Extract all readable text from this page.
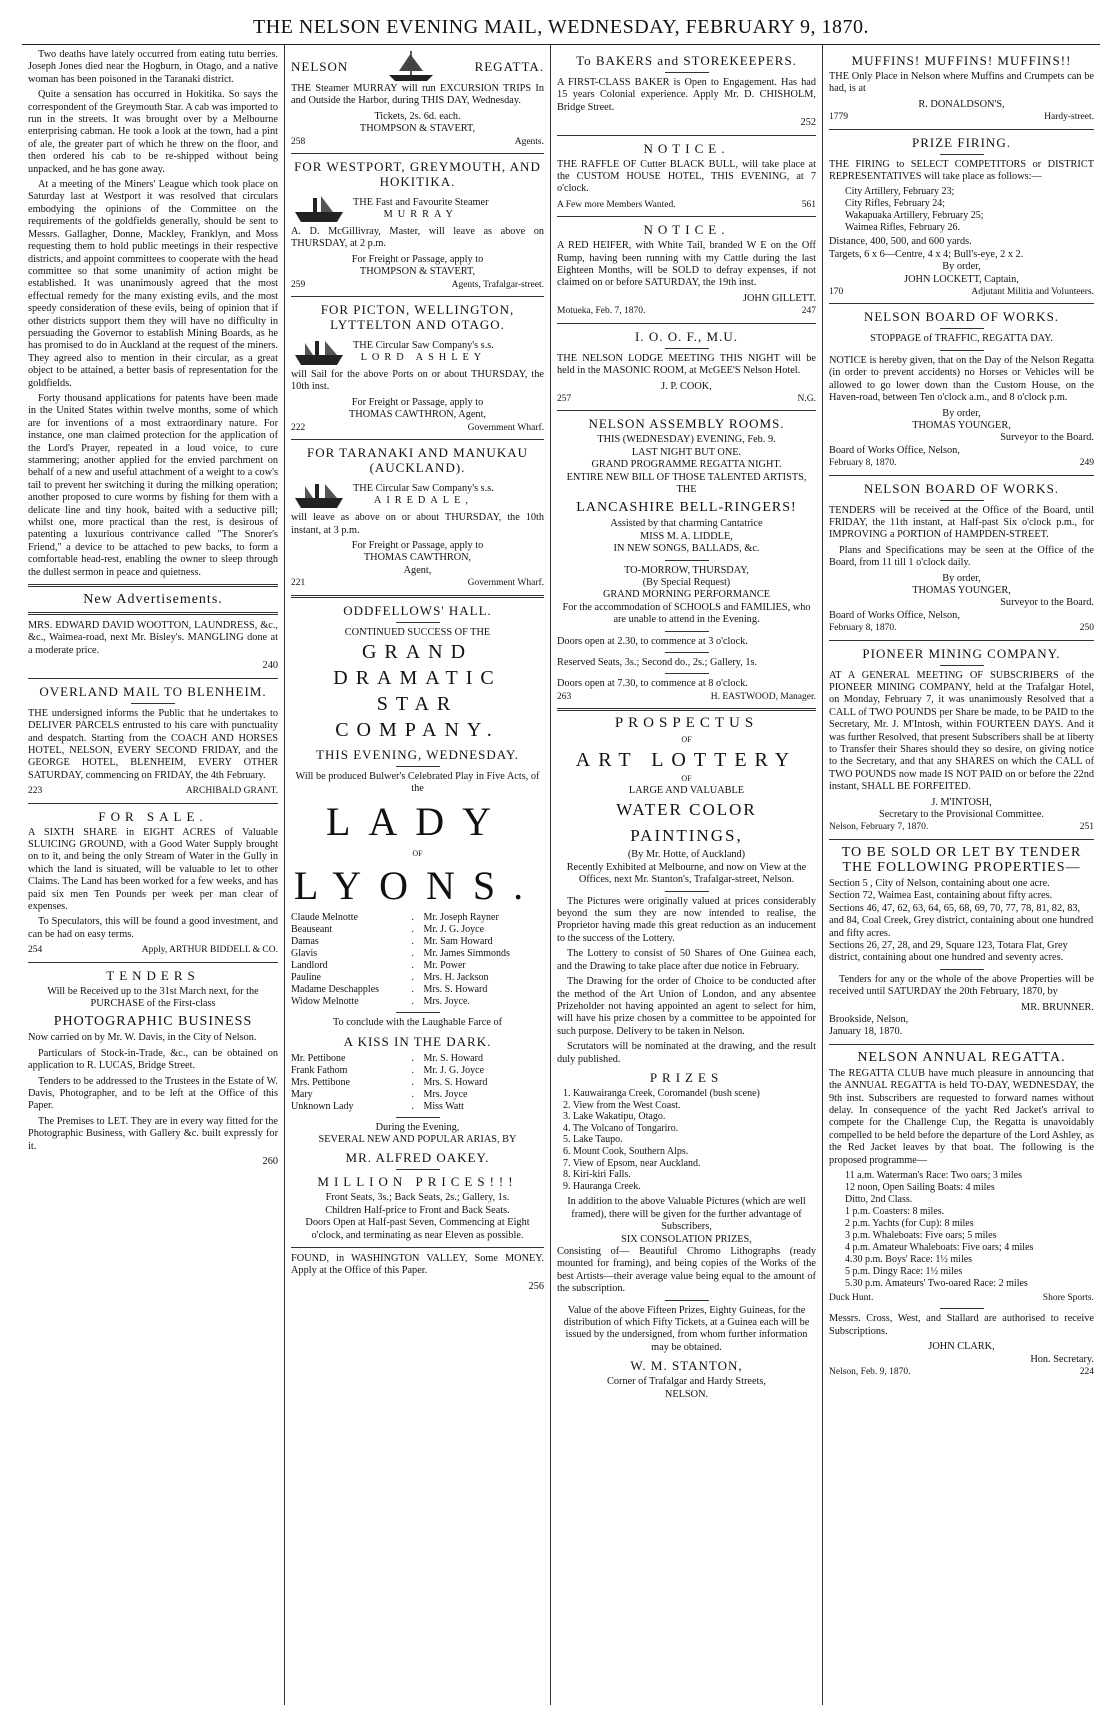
THE NELSON EVENING MAIL, WEDNESDAY, FEBRUARY 9, 1870.

Two deaths have lately occurred from eating tutu berries. Joseph Jones died near the Hogburn, in Otago, and a native woman has been poisoned in the Taranaki district.

Quite a sensation has occurred in Hokitika. So says the correspondent of the Greymouth Star. A cab was imported to run in the streets. It was brought over by a Melbourne enterprising cabman. He took a look at the town, had a pint of ale, the greater part of which he threw on the floor, and then ordered his cab to be re-shipped without being unpacked, and he has gone away.

At a meeting of the Miners' League which took place on Saturday last at Westport it was resolved that circulars embodying the opinions of the Committee on the requirements of the goldfields generally, should be sent to Messrs. Gallagher, Donne, Mackley, Franklyn, and Moss requesting them to hold public meetings in their respective districts, and appoint committees to cooperate with the head committee so that some unanimity of action might be established. It was unanimously agreed that the most effectual remedy for the many existing evils, and the most speedy consideration of these evils, being of opinion that if other districts support them they will have no difficulty in persuading the Governor to establish Mining Boards, as he has promised to do in Auckland at the request of the miners. They agreed also to mention in their circular, as a great object to be attained, a better basis of representation for the goldfields.

Forty thousand applications for patents have been made in the United States within twelve months, some of which are for inventions of a most extraordinary nature. For instance, one man claimed protection for the application of the Lord's Prayer, repeated in a loud voice, to cure stammering; another applied for the envied parchment on behalf of a new and useful attachment of a weight to a cow's tail to prevent her switching it during the milking operation; another proposed to cure worms by fishing for them with a delicate line and tiny hook, baited with a seductive pill; whilst one, more practical than the rest, is desirous of patenting a luxurious contrivance called "The Snorer's Friend," a device to be attached to pew backs, to form a comfortable head-rest, enabling the owner to sleep through the dullest sermon in peace and quietness.

New Advertisements.

MRS. EDWARD DAVID WOOTTON, LAUNDRESS, &c., &c., Waimea-road, next Mr. Bisley's. MANGLING done at a moderate price.

240
OVERLAND MAIL TO BLENHEIM.

THE undersigned informs the Public that he undertakes to DELIVER PARCELS entrusted to his care with punctuality and despatch. Starting from the COACH AND HORSES HOTEL, NELSON, EVERY SECOND FRIDAY, and the GEORGE HOTEL, BLENHEIM, EVERY OTHER SATURDAY, commencing on FRIDAY, the 4th February.

223	ARCHIBALD GRANT.
FOR SALE.

A SIXTH SHARE in EIGHT ACRES of Valuable SLUICING GROUND, with a Good Water Supply brought on to it, and being the only Stream of Water in the Gully in which the land is situated, will be valuable to let to other Claims. The Land has been worked for a few weeks, and has paid six men Ten Pounds per week per man clear of expenses.

To Speculators, this will be found a good investment, and can be had on easy terms.

254	Apply, ARTHUR BIDDELL & CO.
TENDERS
Will be Received up to the 31st March next, for the PURCHASE of the First-class
PHOTOGRAPHIC BUSINESS

Now carried on by Mr. W. Davis, in the City of Nelson.

Particulars of Stock-in-Trade, &c., can be obtained on application to R. LUCAS, Bridge Street.

Tenders to be addressed to the Trustees in the Estate of W. Davis, Photographer, and to be left at the Office of this Paper.

The Premises to LET. They are in every way fitted for the Photographic Business, with Gallery &c. built expressly for it.

260
NELSON	REGATTA.

THE Steamer MURRAY will run EXCURSION TRIPS In and Outside the Harbor, during THIS DAY, Wednesday.

Tickets, 2s. 6d. each.
THOMPSON & STAVERT,
258	Agents.
FOR WESTPORT, GREYMOUTH, AND HOKITIKA.
THE Fast and Favourite Steamer
MURRAY

A. D. McGillivray, Master, will leave as above on THURSDAY, at 2 p.m.

For Freight or Passage, apply to
THOMPSON & STAVERT,
259	Agents, Trafalgar-street.
FOR PICTON, WELLINGTON, LYTTELTON AND OTAGO.
THE Circular Saw Company's s.s.
LORD ASHLEY

will Sail for the above Ports on or about THURSDAY, the 10th inst.

For Freight or Passage, apply to
THOMAS CAWTHRON, Agent,
222	Government Wharf.
FOR TARANAKI AND MANUKAU (AUCKLAND).
THE Circular Saw Company's s.s.
AIREDALE,

will leave as above on or about THURSDAY, the 10th instant, at 3 p.m.

For Freight or Passage, apply to
THOMAS CAWTHRON,
Agent,
221	Government Wharf.
ODDFELLOWS' HALL.
CONTINUED SUCCESS OF THE
GRAND DRAMATIC
STAR COMPANY.
THIS EVENING, WEDNESDAY.
Will be produced Bulwer's Celebrated Play in Five Acts, of the
LADY
OF
LYONS.
Claude Melnotte	. Mr. Joseph Rayner
Beauseant	. Mr. J. G. Joyce
Damas	. Mr. Sam Howard
Glavis	. Mr. James Simmonds
Landlord	. Mr. Power
Pauline	. Mrs. H. Jackson
Madame Deschapples	. Mrs. S. Howard
Widow Melnotte	. Mrs. Joyce.
To conclude with the Laughable Farce of
A KISS IN THE DARK.
Mr. Pettibone	. Mr. S. Howard
Frank Fathom	. Mr. J. G. Joyce
Mrs. Pettibone	. Mrs. S. Howard
Mary	. Mrs. Joyce
Unknown Lady	. Miss Watt
During the Evening,
SEVERAL NEW AND POPULAR ARIAS, BY
MR. ALFRED OAKEY.
MILLION PRICES!!!
Front Seats, 3s.; Back Seats, 2s.; Gallery, 1s.
Children Half-price to Front and Back Seats.
Doors Open at Half-past Seven, Commencing at Eight o'clock, and terminating as near Eleven as possible.

FOUND, in WASHINGTON VALLEY, Some MONEY. Apply at the Office of this Paper.

256
To BAKERS and STOREKEEPERS.

A FIRST-CLASS BAKER is Open to Engagement. Has had 15 years Colonial experience. Apply Mr. D. CHISHOLM, Bridge Street.

252
NOTICE.

THE RAFFLE OF Cutter BLACK BULL, will take place at the CUSTOM HOUSE HOTEL, THIS EVENING, at 7 o'clock.

A Few more Members Wanted.	561
NOTICE.

A RED HEIFER, with White Tail, branded W E on the Off Rump, having been running with my Cattle during the last Eighteen Months, will be SOLD to defray expenses, if not claimed on or before SATURDAY, the 19th inst.

JOHN GILLETT.
Motueka, Feb. 7, 1870.	247
I. O. O. F., M.U.

THE NELSON LODGE MEETING THIS NIGHT will be held in the MASONIC ROOM, at McGEE'S Nelson Hotel.

J. P. COOK,
257	N.G.
NELSON ASSEMBLY ROOMS.
THIS (WEDNESDAY) EVENING, Feb. 9.
LAST NIGHT BUT ONE.
GRAND PROGRAMME REGATTA NIGHT.
ENTIRE NEW BILL OF THOSE TALENTED ARTISTS, THE
LANCASHIRE BELL-RINGERS!
Assisted by that charming Cantatrice
MISS M. A. LIDDLE,
IN NEW SONGS, BALLADS, &c.
TO-MORROW, THURSDAY,
(By Special Request)
GRAND MORNING PERFORMANCE
For the accommodation of SCHOOLS and FAMILIES, who are unable to attend in the Evening.
Doors open at 2.30, to commence at 3 o'clock.
Reserved Seats, 3s.; Second do., 2s.; Gallery, 1s.
Doors open at 7.30, to commence at 8 o'clock.
263	H. EASTWOOD, Manager.
PROSPECTUS
OF
ART LOTTERY
OF
LARGE AND VALUABLE
WATER COLOR PAINTINGS,
(By Mr. Hotte, of Auckland)
Recently Exhibited at Melbourne, and now on View at the Offices, next Mr. Stanton's, Trafalgar-street, Nelson.

The Pictures were originally valued at prices considerably beyond the sum they are now intended to realise, the Proprietor having made this great reduction as an inducement to the success of the Lottery.

The Lottery to consist of 50 Shares of One Guinea each, and the Drawing to take place after due notice in February.

The Drawing for the order of Choice to be conducted after the method of the Art Union of London, and any absentee Prizeholder not having appointed an agent to select for him, will have his prize chosen by a committee to be appointed for such purpose. Delivery to be taken in Nelson.

Scrutators will be nominated at the drawing, and the result duly published.

PRIZES
1. Kauwairanga Creek, Coromandel (bush scene)
2. View from the West Coast.
3. Lake Wakatipu, Otago.
4. The Volcano of Tongariro.
5. Lake Taupo.
6. Mount Cook, Southern Alps.
7. View of Epsom, near Auckland.
8. Kiri-kiri Falls.
9. Hauranga Creek.
In addition to the above Valuable Pictures (which are well framed), there will be given for the further advantage of Subscribers,
SIX CONSOLATION PRIZES,

Consisting of— Beautiful Chromo Lithographs (ready mounted for framing), and being copies of the Works of the best Artists—their average value being equal to the amount of the subscription.

Value of the above Fifteen Prizes, Eighty Guineas, for the distribution of which Fifty Tickets, at a Guinea each will be issued by the undersigned, from whom further information may be obtained.
W. M. STANTON,
Corner of Trafalgar and Hardy Streets,
NELSON.
MUFFINS! MUFFINS! MUFFINS!!

THE Only Place in Nelson where Muffins and Crumpets can be had, is at

R. DONALDSON'S,
1779	Hardy-street.
PRIZE FIRING.

THE FIRING to SELECT COMPETITORS or DISTRICT REPRESENTATIVES will take place as follows:—

City Artillery, February 23;
City Rifles, February 24;
Wakapuaka Artillery, February 25;
Waimea Rifles, February 26.
Distance, 400, 500, and 600 yards.
Targets, 6 x 6—Centre, 4 x 4; Bull's-eye, 2 x 2.
By order,
JOHN LOCKETT, Captain,
170	Adjutant Militia and Volunteers.
NELSON BOARD OF WORKS.
STOPPAGE of TRAFFIC, REGATTA DAY.

NOTICE is hereby given, that on the Day of the Nelson Regatta (in order to prevent accidents) no Horses or Vehicles will be allowed to go lower down than the Custom House, on the Haven-road, between Ten o'clock a.m., and 8 o'clock p.m.

By order,
THOMAS YOUNGER,
Surveyor to the Board.
Board of Works Office, Nelson,
February 8, 1870.	249
NELSON BOARD OF WORKS.

TENDERS will be received at the Office of the Board, until FRIDAY, the 11th instant, at Half-past Six o'clock p.m., for IMPROVING a PORTION of HAMPDEN-STREET.

Plans and Specifications may be seen at the Office of the Board, from 11 till 1 o'clock daily.

By order,
THOMAS YOUNGER,
Surveyor to the Board.
Board of Works Office, Nelson,
February 8, 1870.	250
PIONEER MINING COMPANY.

AT A GENERAL MEETING OF SUBSCRIBERS of the PIONEER MINING COMPANY, held at the Trafalgar Hotel, on Monday, February 7, it was unanimously Resolved that a CALL of TWO POUNDS per Share be made, to be PAID to the Secretary, Mr. J. M'Intosh, within FOURTEEN DAYS. And it was further Resolved, that present Subscribers shall be at liberty to Transfer their Shares should they so desire, on giving notice to the Secretary, and that any SHARES on which the CALL of TWO POUNDS now made IS NOT PAID on or before the 22nd instant, SHALL BE FORFEITED.

J. M'INTOSH,
Secretary to the Provisional Committee.
Nelson, February 7, 1870.	251
TO BE SOLD OR LET BY TENDER THE FOLLOWING PROPERTIES—
Section 5 , City of Nelson, containing about one acre.
Section 72, Waimea East, containing about fifty acres.
Sections 46, 47, 62, 63, 64, 65, 68, 69, 70, 77, 78, 81, 82, 83, and 84, Coal Creek, Grey district, containing about one hundred and fifty acres.
Sections 26, 27, 28, and 29, Square 123, Totara Flat, Grey district, containing about one hundred and seventy acres.

Tenders for any or the whole of the above Properties will be received until SATURDAY the 20th February, 1870, by

MR. BRUNNER.
Brookside, Nelson,
January 18, 1870.
NELSON ANNUAL REGATTA.

The REGATTA CLUB have much pleasure in announcing that the ANNUAL REGATTA is held TO-DAY, WEDNESDAY, the 9th inst. Subscribers are requested to forward names without delay. In consequence of the yacht Red Jacket's arrival to compete for the Challenge Cup, the Regatta is unavoidably compelled to be held before the departure of the Lord Ashley, as the Red Jacket leaves by that boat. The following is the proposed programme—

11 a.m. Waterman's Race: Two oars; 3 miles
12 noon, Open Sailing Boats: 4 miles
Ditto, 2nd Class.
1 p.m. Coasters: 8 miles.
2 p.m. Yachts (for Cup): 8 miles
3 p.m. Whaleboats: Five oars; 5 miles
4 p.m. Amateur Whaleboats: Five oars; 4 miles
4.30 p.m. Boys' Race: 1½ miles
5 p.m. Dingy Race: 1½ miles
5.30 p.m. Amateurs' Two-oared Race: 2 miles
Duck Hunt.	Shore Sports.

Messrs. Cross, West, and Stallard are authorised to receive Subscriptions.

JOHN CLARK,
Hon. Secretary.
Nelson, Feb. 9, 1870.	224
